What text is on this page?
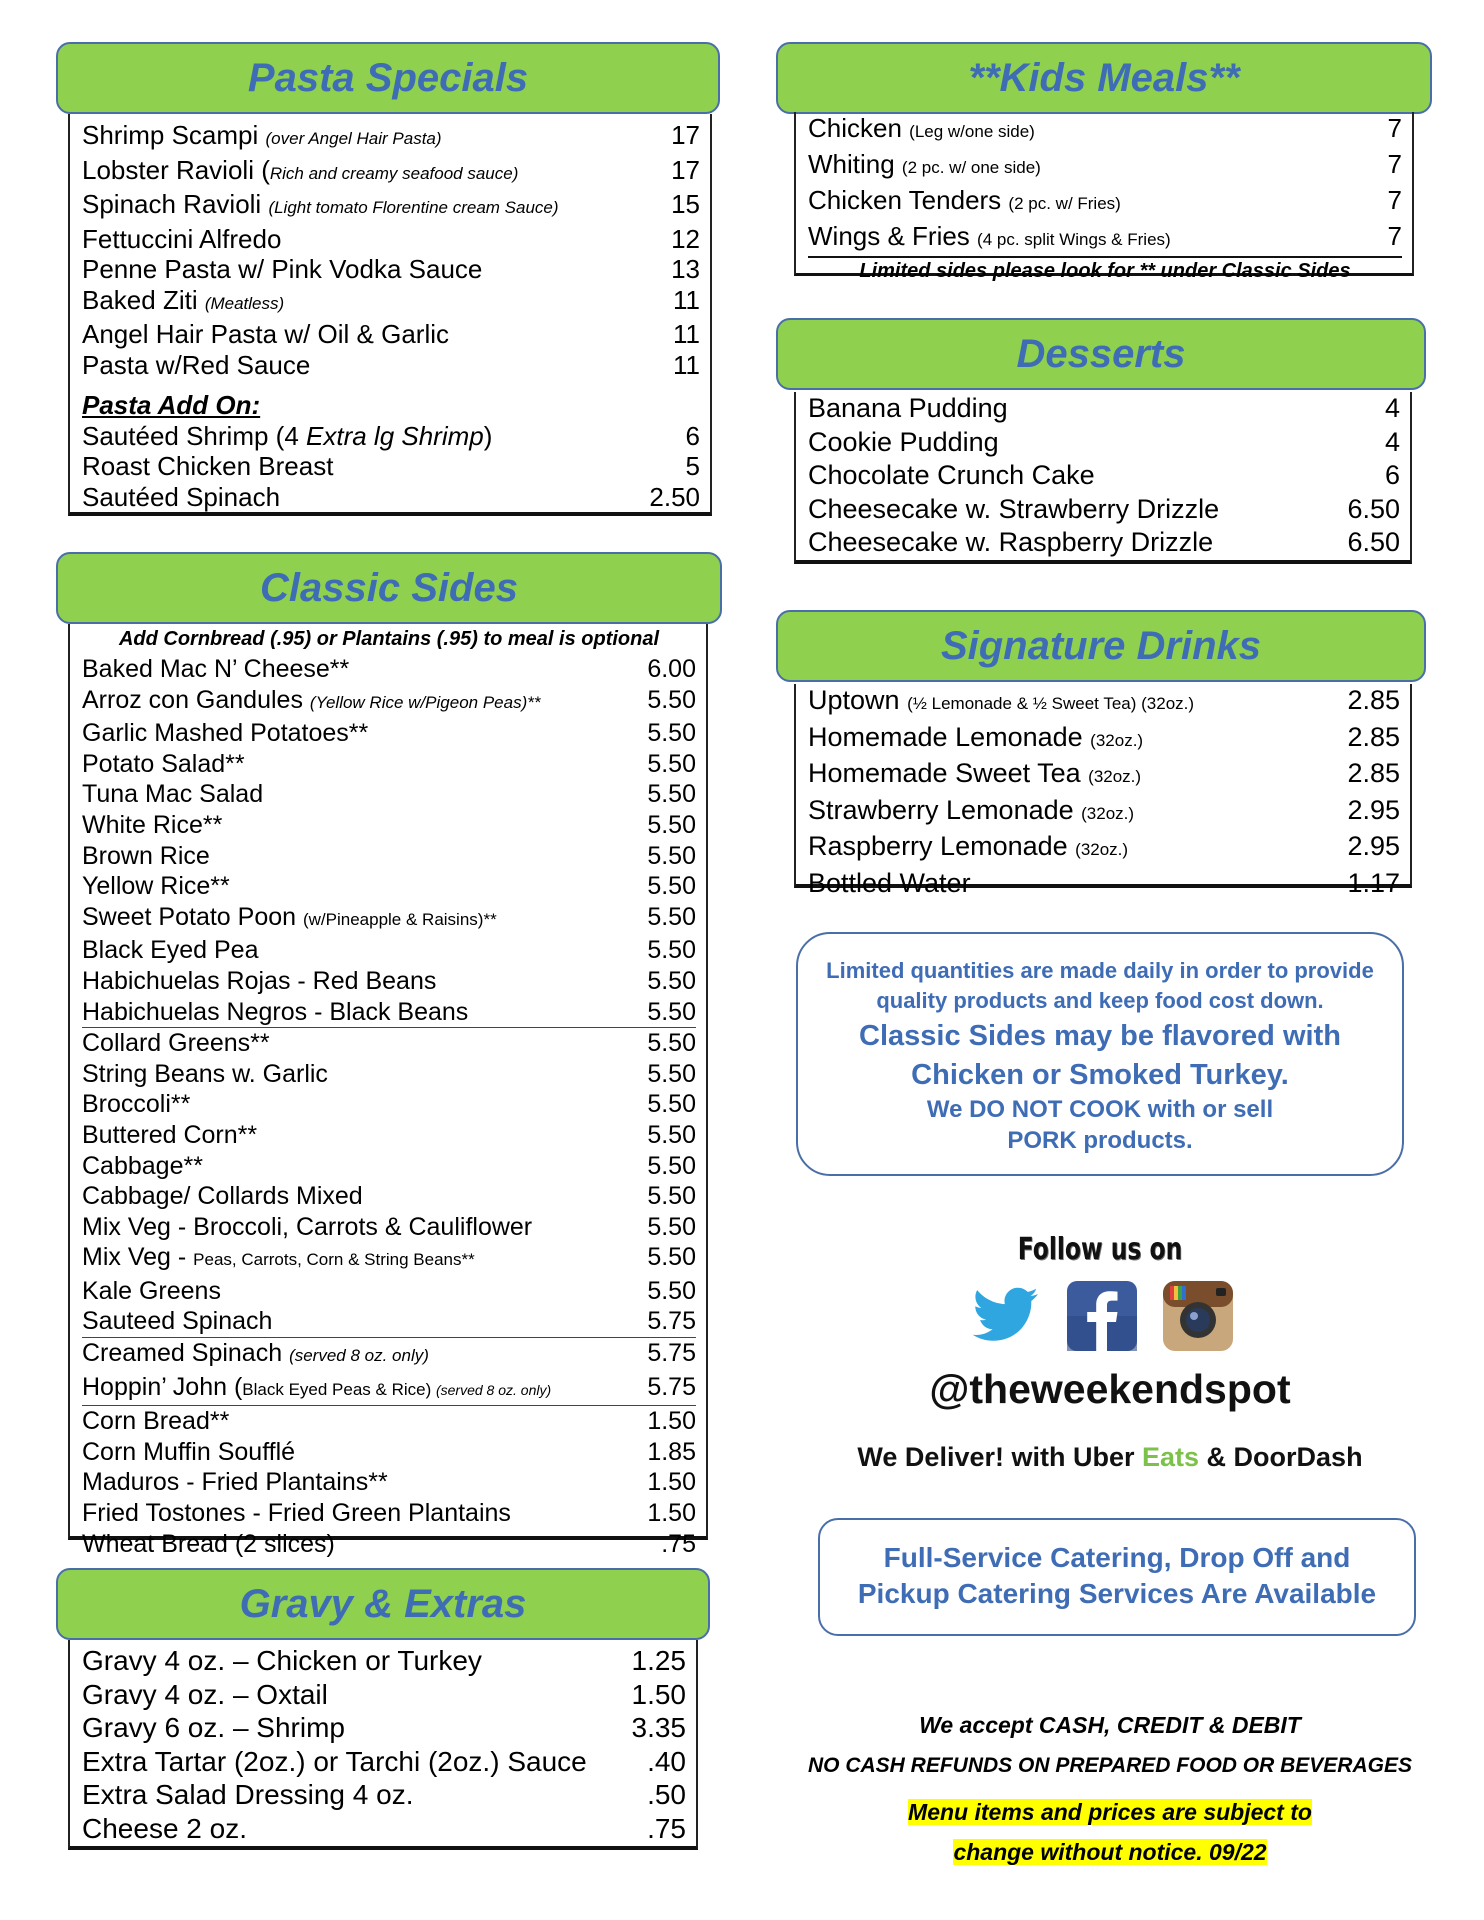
Pasta Specials
Shrimp Scampi (over Angel Hair Pasta)	17
Lobster Ravioli (Rich and creamy seafood sauce)	17
Spinach Ravioli (Light tomato Florentine cream Sauce)	15
Fettuccini Alfredo	12
Penne Pasta w/ Pink Vodka Sauce	13
Baked Ziti (Meatless)	11
Angel Hair Pasta w/ Oil & Garlic	11
Pasta w/Red Sauce	11
Pasta Add On:
Sautéed Shrimp (4 Extra lg Shrimp)	6
Roast Chicken Breast	5
Sautéed Spinach	2.50
Classic Sides
Add Cornbread (.95) or Plantains (.95) to meal is optional
Baked Mac N’ Cheese**	6.00
Arroz con Gandules (Yellow Rice w/Pigeon Peas)**	5.50
Garlic Mashed Potatoes**	5.50
Potato Salad**	5.50
Tuna Mac Salad	5.50
White Rice**	5.50
Brown Rice	5.50
Yellow Rice**	5.50
Sweet Potato Poon (w/Pineapple & Raisins)**	5.50
Black Eyed Pea	5.50
Habichuelas Rojas - Red Beans	5.50
Habichuelas Negros - Black Beans	5.50
Collard Greens**	5.50
String Beans w. Garlic	5.50
Broccoli**	5.50
Buttered Corn**	5.50
Cabbage**	5.50
Cabbage/ Collards Mixed	5.50
Mix Veg - Broccoli, Carrots & Cauliflower	5.50
Mix Veg - Peas, Carrots, Corn & String Beans**	5.50
Kale Greens	5.50
Sauteed Spinach	5.75
Creamed Spinach (served 8 oz. only)	5.75
Hoppin’ John (Black Eyed Peas & Rice) (served 8 oz. only)	5.75
Corn Bread**	1.50
Corn Muffin Soufflé	1.85
Maduros - Fried Plantains**	1.50
Fried Tostones - Fried Green Plantains	1.50
Wheat Bread (2 slices)	.75
Gravy & Extras
Gravy 4 oz. – Chicken or Turkey	1.25
Gravy 4 oz. – Oxtail	1.50
Gravy 6 oz. – Shrimp	3.35
Extra Tartar (2oz.) or Tarchi (2oz.) Sauce .40
Extra Salad Dressing 4 oz.	.50
Cheese 2 oz.	.75
**Kids Meals**
Chicken (Leg w/one side)	7
Whiting (2 pc. w/ one side)	7
Chicken Tenders (2 pc. w/ Fries)	7
Wings & Fries (4 pc. split Wings & Fries)	7
Limited sides please look for ** under Classic Sides
Desserts
Banana Pudding	4
Cookie Pudding	4
Chocolate Crunch Cake	6
Cheesecake w. Strawberry Drizzle	6.50
Cheesecake w. Raspberry Drizzle	6.50
Signature Drinks
Uptown (½ Lemonade & ½ Sweet Tea) (32oz.)	2.85
Homemade Lemonade (32oz.)	2.85
Homemade Sweet Tea (32oz.)	2.85
Strawberry Lemonade (32oz.)	2.95
Raspberry Lemonade (32oz.)	2.95
Bottled Water	1.17
Limited quantities are made daily in order to provide
quality products and keep food cost down.
Classic Sides may be flavored with
Chicken or Smoked Turkey.
We DO NOT COOK with or sell
PORK products.
Follow us on
@theweekendspot
We Deliver! with Uber Eats & DoorDash
Full-Service Catering, Drop Off and
Pickup Catering Services Are Available
We accept CASH, CREDIT & DEBIT
NO CASH REFUNDS ON PREPARED FOOD OR BEVERAGES
Menu items and prices are subject to
change without notice. 09/22
